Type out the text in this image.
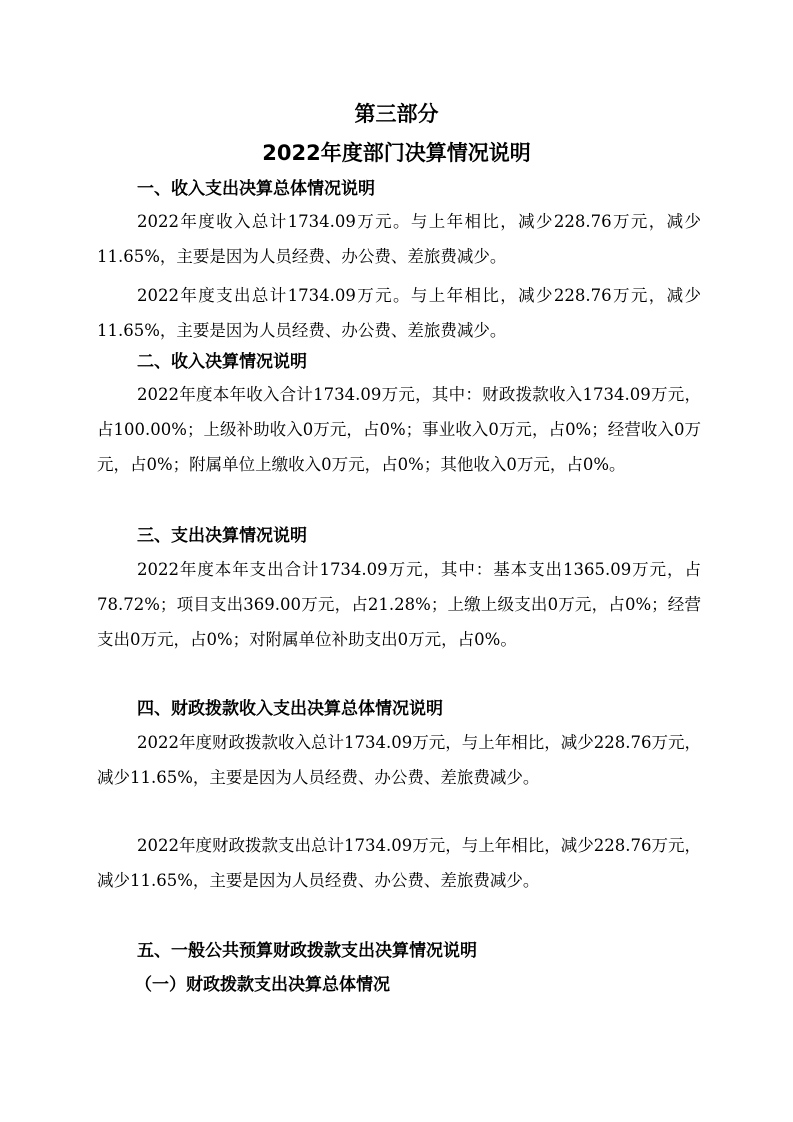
第三部分
2022年度部门决算情况说明
一、收入支出决算总体情况说明

2022年度收入总计1734.09万元。与上年相比，减少228.76万元，减少11.65%，主要是因为人员经费、办公费、差旅费减少。

2022年度支出总计1734.09万元。与上年相比，减少228.76万元，减少11.65%，主要是因为人员经费、办公费、差旅费减少。

二、收入决算情况说明

2022年度本年收入合计1734.09万元，其中：财政拨款收入1734.09万元，占100.00%；上级补助收入0万元，占0%；事业收入0万元，占0%；经营收入0万元，占0%；附属单位上缴收入0万元，占0%；其他收入0万元，占0%。

三、支出决算情况说明

2022年度本年支出合计1734.09万元，其中：基本支出1365.09万元，占78.72%；项目支出369.00万元，占21.28%；上缴上级支出0万元，占0%；经营支出0万元，占0%；对附属单位补助支出0万元，占0%。

四、财政拨款收入支出决算总体情况说明

2022年度财政拨款收入总计1734.09万元，与上年相比，减少228.76万元，减少11.65%，主要是因为人员经费、办公费、差旅费减少。

2022年度财政拨款支出总计1734.09万元，与上年相比，减少228.76万元，减少11.65%，主要是因为人员经费、办公费、差旅费减少。

五、一般公共预算财政拨款支出决算情况说明
（一）财政拨款支出决算总体情况
